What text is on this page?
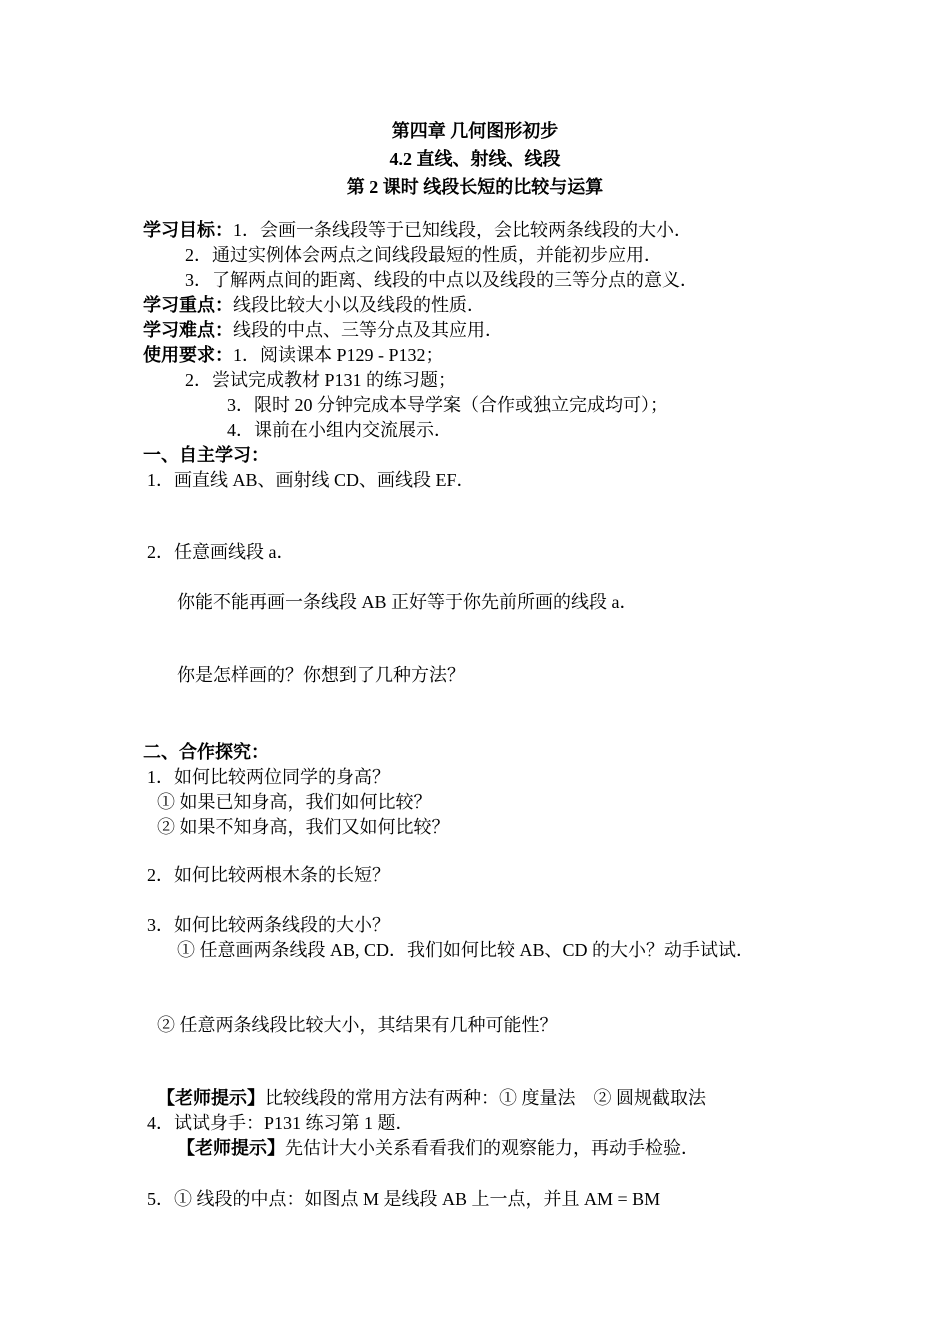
第四章 几何图形初步
4.2 直线、射线、线段
第 2 课时 线段长短的比较与运算
学习目标：1．会画一条线段等于已知线段，会比较两条线段的大小．
2．通过实例体会两点之间线段最短的性质，并能初步应用．
3．了解两点间的距离、线段的中点以及线段的三等分点的意义．
学习重点：线段比较大小以及线段的性质．
学习难点：线段的中点、三等分点及其应用．
使用要求：1．阅读课本 P129 - P132；
2．尝试完成教材 P131 的练习题；
3．限时 20 分钟完成本导学案（合作或独立完成均可）；
4．课前在小组内交流展示．
一、自主学习：
1．画直线 AB、画射线 CD、画线段 EF．
2．任意画线段 a．
你能不能再画一条线段 AB 正好等于你先前所画的线段 a．
你是怎样画的？你想到了几种方法？
二、合作探究：
1．如何比较两位同学的身高？
① 如果已知身高，我们如何比较？
② 如果不知身高，我们又如何比较？
2．如何比较两根木条的长短？
3．如何比较两条线段的大小？
① 任意画两条线段 AB, CD．我们如何比较 AB、CD 的大小？动手试试．
② 任意两条线段比较大小，其结果有几种可能性？
【老师提示】比较线段的常用方法有两种：① 度量法　② 圆规截取法
4．试试身手：P131 练习第 1 题．
【老师提示】先估计大小关系看看我们的观察能力，再动手检验．
5．① 线段的中点：如图点 M 是线段 AB 上一点，并且 AM = BM
